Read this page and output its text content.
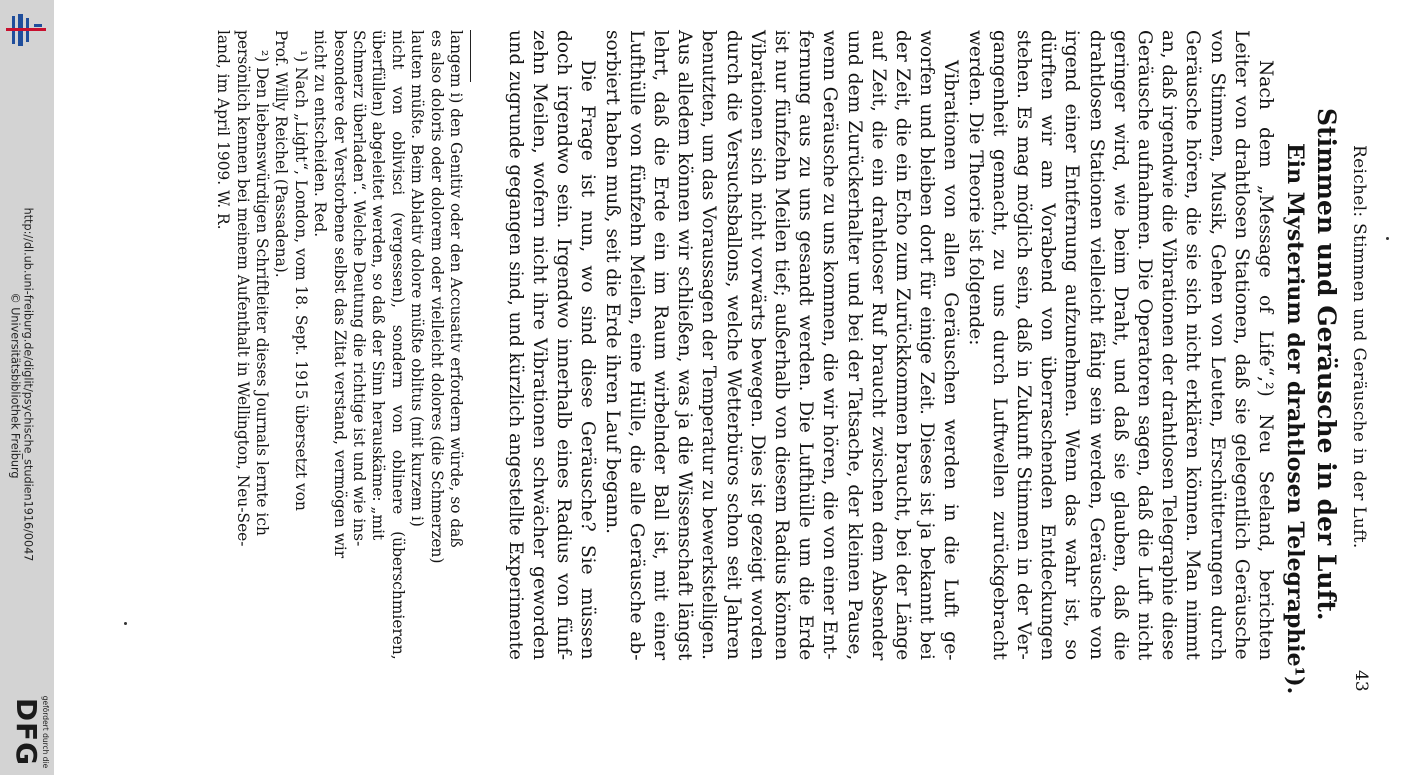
http://dl.ub.uni-freiburg.de/diglit/psychische_studien1916/0047
© Universitätsbibliothek Freiburg
gefördert durch die
DFG
Reichel: Stimmen und Geräusche in der Luft.
43
Stimmen und Geräusche in der Luft.
Ein Mysterium der drahtlosen Telegraphie¹).
Nach dem „Message of Life“,²) Neu Seeland, berichten
Leiter von drahtlosen Stationen, daß sie gelegentlich Geräusche
von Stimmen, Musik, Gehen von Leuten, Erschütterungen durch
Geräusche hören, die sie sich nicht erklären können. Man nimmt
an, daß irgendwie die Vibrationen der drahtlosen Telegraphie diese
Geräusche aufnahmen. Die Operatoren sagen, daß die Luft nicht
geringer wird, wie beim Draht, und daß sie glauben, daß die
drahtlosen Stationen vielleicht fähig sein werden, Geräusche von
irgend einer Entfernung aufzunehmen. Wenn das wahr ist, so
dürften wir am Vorabend von überraschenden Entdeckungen
stehen. Es mag möglich sein, daß in Zukunft Stimmen in der Ver-
gangenheit gemacht, zu uns durch Luftwellen zurückgebracht
werden. Die Theorie ist folgende:
Vibrationen von allen Geräuschen werden in die Luft ge-
worfen und bleiben dort für einige Zeit. Dieses ist ja bekannt bei
der Zeit, die ein Echo zum Zurückkommen braucht, bei der Länge
auf Zeit, die ein drahtloser Ruf braucht zwischen dem Absender
und dem Zurückerhalter und bei der Tatsache, der kleinen Pause,
wenn Geräusche zu uns kommen, die wir hören, die von einer Ent-
fernung aus zu uns gesandt werden. Die Lufthülle um die Erde
ist nur fünfzehn Meilen tief; außerhalb von diesem Radius können
Vibrationen sich nicht vorwärts bewegen. Dies ist gezeigt worden
durch die Versuchsballons, welche Wetterbüros schon seit Jahren
benutzten, um das Voraussagen der Temperatur zu bewerkstelligen.
Aus alledem können wir schließen, was ja die Wissenschaft längst
lehrt, daß die Erde ein im Raum wirbelnder Ball ist, mit einer
Lufthülle von fünfzehn Meilen, eine Hülle, die alle Geräusche ab-
sorbiert haben muß, seit die Erde ihren Lauf begann.
Die Frage ist nun, wo sind diese Geräusche? Sie müssen
doch irgendwo sein. Irgendwo innerhalb eines Radius von fünf-
zehn Meilen, wofern nicht ihre Vibrationen schwächer geworden
und zugrunde gegangen sind, und kürzlich angestellte Experimente
langem i) den Genitiv oder den Accusativ erfordern würde, so daß
es also doloris oder dolorem oder vielleicht dolores (die Schmerzen)
lauten müßte. Beim Ablativ dolore müßte oblitus (mit kurzem i)
nicht von oblivisci (vergessen), sondern von oblinere (überschmieren,
überfüllen) abgeleitet werden, so daß der Sinn herauskäme: „mit
Schmerz überladen“. Welche Deutung die richtige ist und wie ins-
besondere der Verstorbene selbst das Zitat verstand, vermögen wir
nicht zu entscheiden. Red.
¹) Nach „Light“, London, vom 18. Sept. 1915 übersetzt von
Prof. Willy Reichel (Passadena).
²) Den liebenswürdigen Schriftleiter dieses Journals lernte ich
persönlich kennen bei meinem Aufenthalt in Wellington, Neu-See-
land, im April 1909. W. R.
